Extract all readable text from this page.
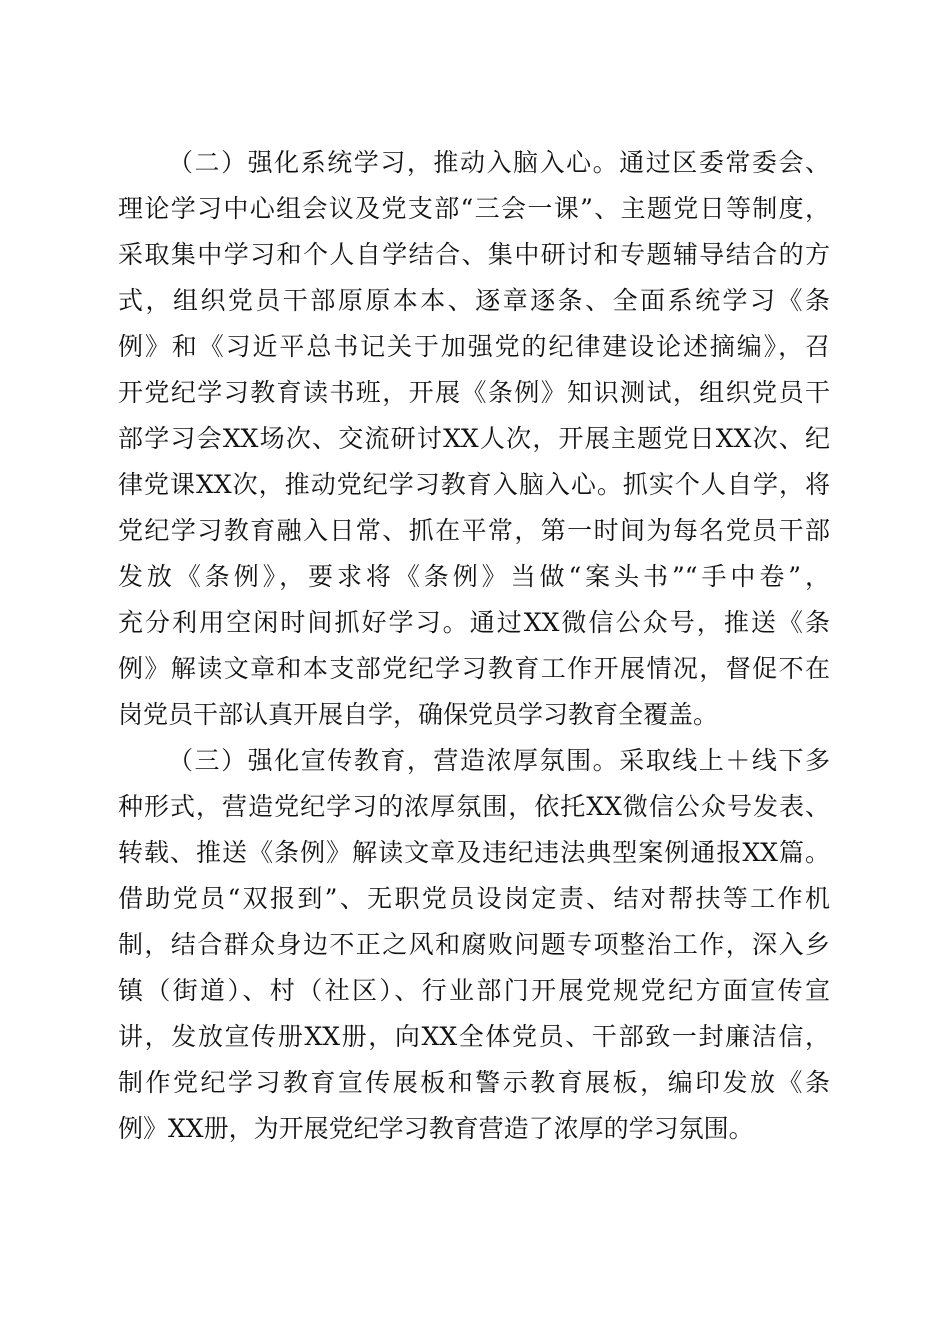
（二）强化系统学习，推动入脑入心。通过区委常委会、
理论学习中心组会议及党支部“三会一课”、主题党日等制度，
采取集中学习和个人自学结合、集中研讨和专题辅导结合的方
式，组织党员干部原原本本、逐章逐条、全面系统学习《条
例》和《习近平总书记关于加强党的纪律建设论述摘编》，召
开党纪学习教育读书班，开展《条例》知识测试，组织党员干
部学习会XX场次、交流研讨XX人次，开展主题党日XX次、纪
律党课XX次，推动党纪学习教育入脑入心。抓实个人自学，将
党纪学习教育融入日常、抓在平常，第一时间为每名党员干部
发放《条例》，要求将《条例》当做“案头书”“手中卷”，
充分利用空闲时间抓好学习。通过XX微信公众号，推送《条
例》解读文章和本支部党纪学习教育工作开展情况，督促不在
岗党员干部认真开展自学，确保党员学习教育全覆盖。
（三）强化宣传教育，营造浓厚氛围。采取线上＋线下多
种形式，营造党纪学习的浓厚氛围，依托XX微信公众号发表、
转载、推送《条例》解读文章及违纪违法典型案例通报XX篇。
借助党员“双报到”、无职党员设岗定责、结对帮扶等工作机
制，结合群众身边不正之风和腐败问题专项整治工作，深入乡
镇（街道）、村（社区）、行业部门开展党规党纪方面宣传宣
讲，发放宣传册XX册，向XX全体党员、干部致一封廉洁信，
制作党纪学习教育宣传展板和警示教育展板，编印发放《条
例》XX册，为开展党纪学习教育营造了浓厚的学习氛围。
